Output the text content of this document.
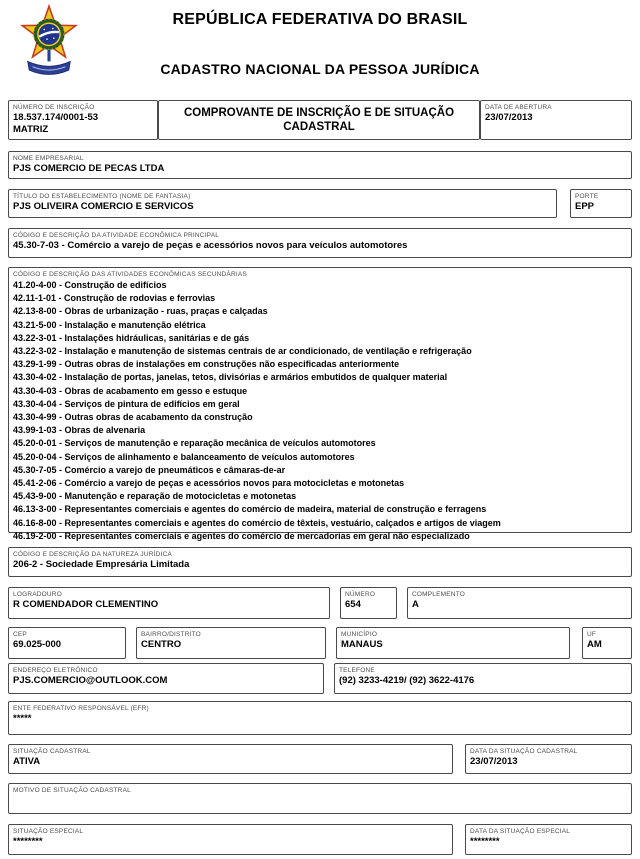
REPÚBLICA FEDERATIVA DO BRASIL
CADASTRO NACIONAL DA PESSOA JURÍDICA
NÚMERO DE INSCRIÇÃO
18.537.174/0001-53
MATRIZ
COMPROVANTE DE INSCRIÇÃO E DE SITUAÇÃO CADASTRAL
DATA DE ABERTURA
23/07/2013
NOME EMPRESARIAL
PJS COMERCIO DE PECAS LTDA
TÍTULO DO ESTABELECIMENTO (NOME DE FANTASIA)
PJS OLIVEIRA COMERCIO E SERVICOS
PORTE
EPP
CÓDIGO E DESCRIÇÃO DA ATIVIDADE ECONÔMICA PRINCIPAL
45.30-7-03 - Comércio a varejo de peças e acessórios novos para veículos automotores
CÓDIGO E DESCRIÇÃO DAS ATIVIDADES ECONÔMICAS SECUNDÁRIAS
41.20-4-00 - Construção de edifícios
42.11-1-01 - Construção de rodovias e ferrovias
42.13-8-00 - Obras de urbanização - ruas, praças e calçadas
43.21-5-00 - Instalação e manutenção elétrica
43.22-3-01 - Instalações hidráulicas, sanitárias e de gás
43.22-3-02 - Instalação e manutenção de sistemas centrais de ar condicionado, de ventilação e refrigeração
43.29-1-99 - Outras obras de instalações em construções não especificadas anteriormente
43.30-4-02 - Instalação de portas, janelas, tetos, divisórias e armários embutidos de qualquer material
43.30-4-03 - Obras de acabamento em gesso e estuque
43.30-4-04 - Serviços de pintura de edifícios em geral
43.30-4-99 - Outras obras de acabamento da construção
43.99-1-03 - Obras de alvenaria
45.20-0-01 - Serviços de manutenção e reparação mecânica de veículos automotores
45.20-0-04 - Serviços de alinhamento e balanceamento de veículos automotores
45.30-7-05 - Comércio a varejo de pneumáticos e câmaras-de-ar
45.41-2-06 - Comércio a varejo de peças e acessórios novos para motocicletas e motonetas
45.43-9-00 - Manutenção e reparação de motocicletas e motonetas
46.13-3-00 - Representantes comerciais e agentes do comércio de madeira, material de construção e ferragens
46.16-8-00 - Representantes comerciais e agentes do comércio de têxteis, vestuário, calçados e artigos de viagem
46.19-2-00 - Representantes comerciais e agentes do comércio de mercadorias em geral não especializado
CÓDIGO E DESCRIÇÃO DA NATUREZA JURÍDICA
206-2 - Sociedade Empresária Limitada
LOGRADOURO
R COMENDADOR CLEMENTINO
NÚMERO
654
COMPLEMENTO
A
CEP
69.025-000
BAIRRO/DISTRITO
CENTRO
MUNICÍPIO
MANAUS
UF
AM
ENDEREÇO ELETRÔNICO
PJS.COMERCIO@OUTLOOK.COM
TELEFONE
(92) 3233-4219/ (92) 3622-4176
ENTE FEDERATIVO RESPONSÁVEL (EFR)
*****
SITUAÇÃO CADASTRAL
ATIVA
DATA DA SITUAÇÃO CADASTRAL
23/07/2013
MOTIVO DE SITUAÇÃO CADASTRAL
SITUAÇÃO ESPECIAL
********
DATA DA SITUAÇÃO ESPECIAL
********
